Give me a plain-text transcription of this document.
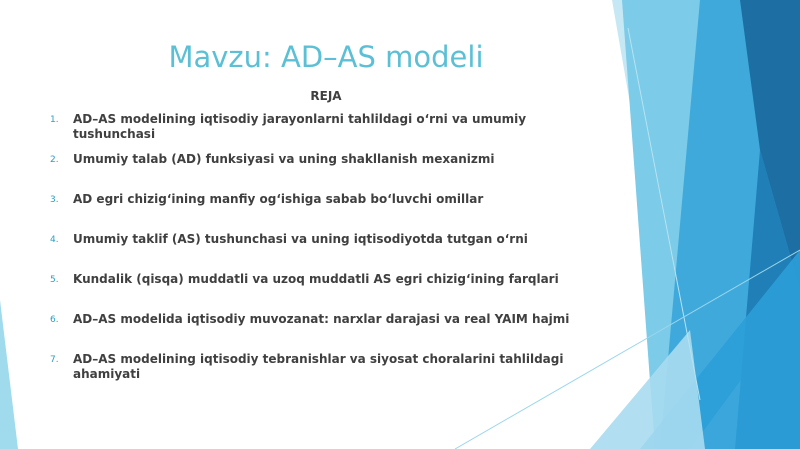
Mavzu: AD–AS modeli
REJA
1. AD–AS modelining iqtisodiy jarayonlarni tahlildagi o‘rni va umumiy tushunchasi
2. Umumiy talab (AD) funksiyasi va uning shakllanish mexanizmi
3. AD egri chizig‘ining manfiy og‘ishiga sabab bo‘luvchi omillar
4. Umumiy taklif (AS) tushunchasi va uning iqtisodiyotda tutgan o‘rni
5. Kundalik (qisqa) muddatli va uzoq muddatli AS egri chizig‘ining farqlari
6. AD–AS modelida iqtisodiy muvozanat: narxlar darajasi va real YAIM hajmi
7. AD–AS modelining iqtisodiy tebranishlar va siyosat choralarini tahlildagi ahamiyati
